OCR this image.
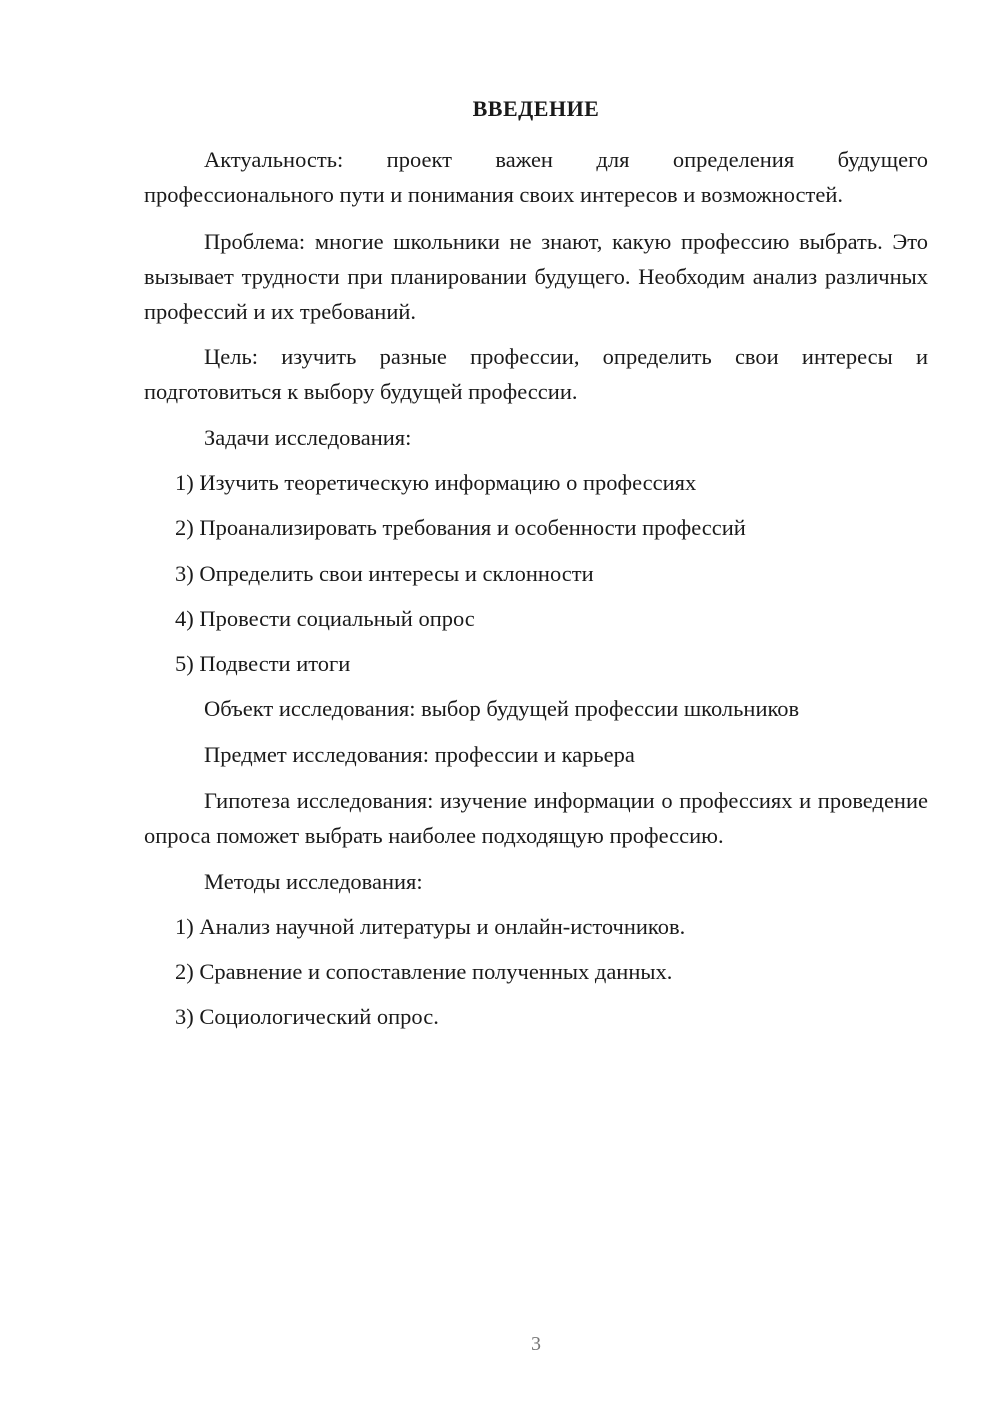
ВВЕДЕНИЕ

Актуальность: проект важен для определения будущего профессионального пути и понимания своих интересов и возможностей.

Проблема: многие школьники не знают, какую профессию выбрать. Это вызывает трудности при планировании будущего. Необходим анализ различных профессий и их требований.

Цель: изучить разные профессии, определить свои интересы и подготовиться к выбору будущей профессии.

Задачи исследования:

1) Изучить теоретическую информацию о профессиях

2) Проанализировать требования и особенности профессий

3) Определить свои интересы и склонности

4) Провести социальный опрос

5) Подвести итоги

Объект исследования: выбор будущей профессии школьников

Предмет исследования: профессии и карьера

Гипотеза исследования: изучение информации о профессиях и проведение опроса поможет выбрать наиболее подходящую профессию.

Методы исследования:

1) Анализ научной литературы и онлайн-источников.

2) Сравнение и сопоставление полученных данных.

3) Социологический опрос.

3
